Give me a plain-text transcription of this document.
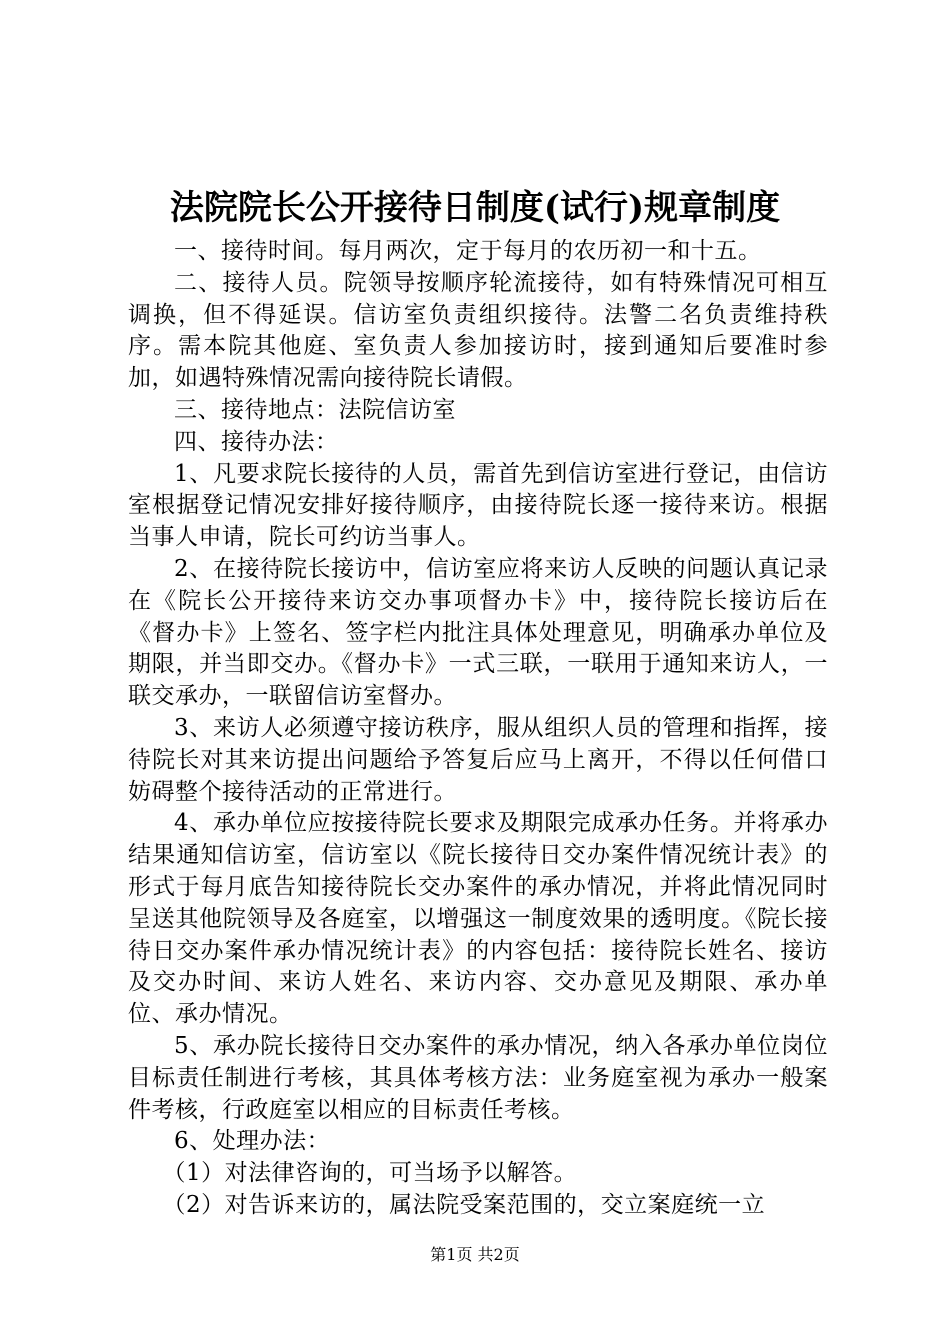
法院院长公开接待日制度(试行)规章制度

一、接待时间。每月两次，定于每月的农历初一和十五。

二、接待人员。院领导按顺序轮流接待，如有特殊情况可相互调换，但不得延误。信访室负责组织接待。法警二名负责维持秩序。需本院其他庭、室负责人参加接访时，接到通知后要准时参加，如遇特殊情况需向接待院长请假。

三、接待地点：法院信访室

四、接待办法：

1、凡要求院长接待的人员，需首先到信访室进行登记，由信访室根据登记情况安排好接待顺序，由接待院长逐一接待来访。根据当事人申请，院长可约访当事人。

2、在接待院长接访中，信访室应将来访人反映的问题认真记录在《院长公开接待来访交办事项督办卡》中，接待院长接访后在《督办卡》上签名、签字栏内批注具体处理意见，明确承办单位及期限，并当即交办。《督办卡》一式三联，一联用于通知来访人，一联交承办，一联留信访室督办。

3、来访人必须遵守接访秩序，服从组织人员的管理和指挥，接待院长对其来访提出问题给予答复后应马上离开，不得以任何借口妨碍整个接待活动的正常进行。

4、承办单位应按接待院长要求及期限完成承办任务。并将承办结果通知信访室，信访室以《院长接待日交办案件情况统计表》的形式于每月底告知接待院长交办案件的承办情况，并将此情况同时呈送其他院领导及各庭室，以增强这一制度效果的透明度。《院长接待日交办案件承办情况统计表》的内容包括：接待院长姓名、接访及交办时间、来访人姓名、来访内容、交办意见及期限、承办单位、承办情况。

5、承办院长接待日交办案件的承办情况，纳入各承办单位岗位目标责任制进行考核，其具体考核方法：业务庭室视为承办一般案件考核，行政庭室以相应的目标责任考核。

6、处理办法：

（1）对法律咨询的，可当场予以解答。

（2）对告诉来访的，属法院受案范围的，交立案庭统一立

第1页 共2页
